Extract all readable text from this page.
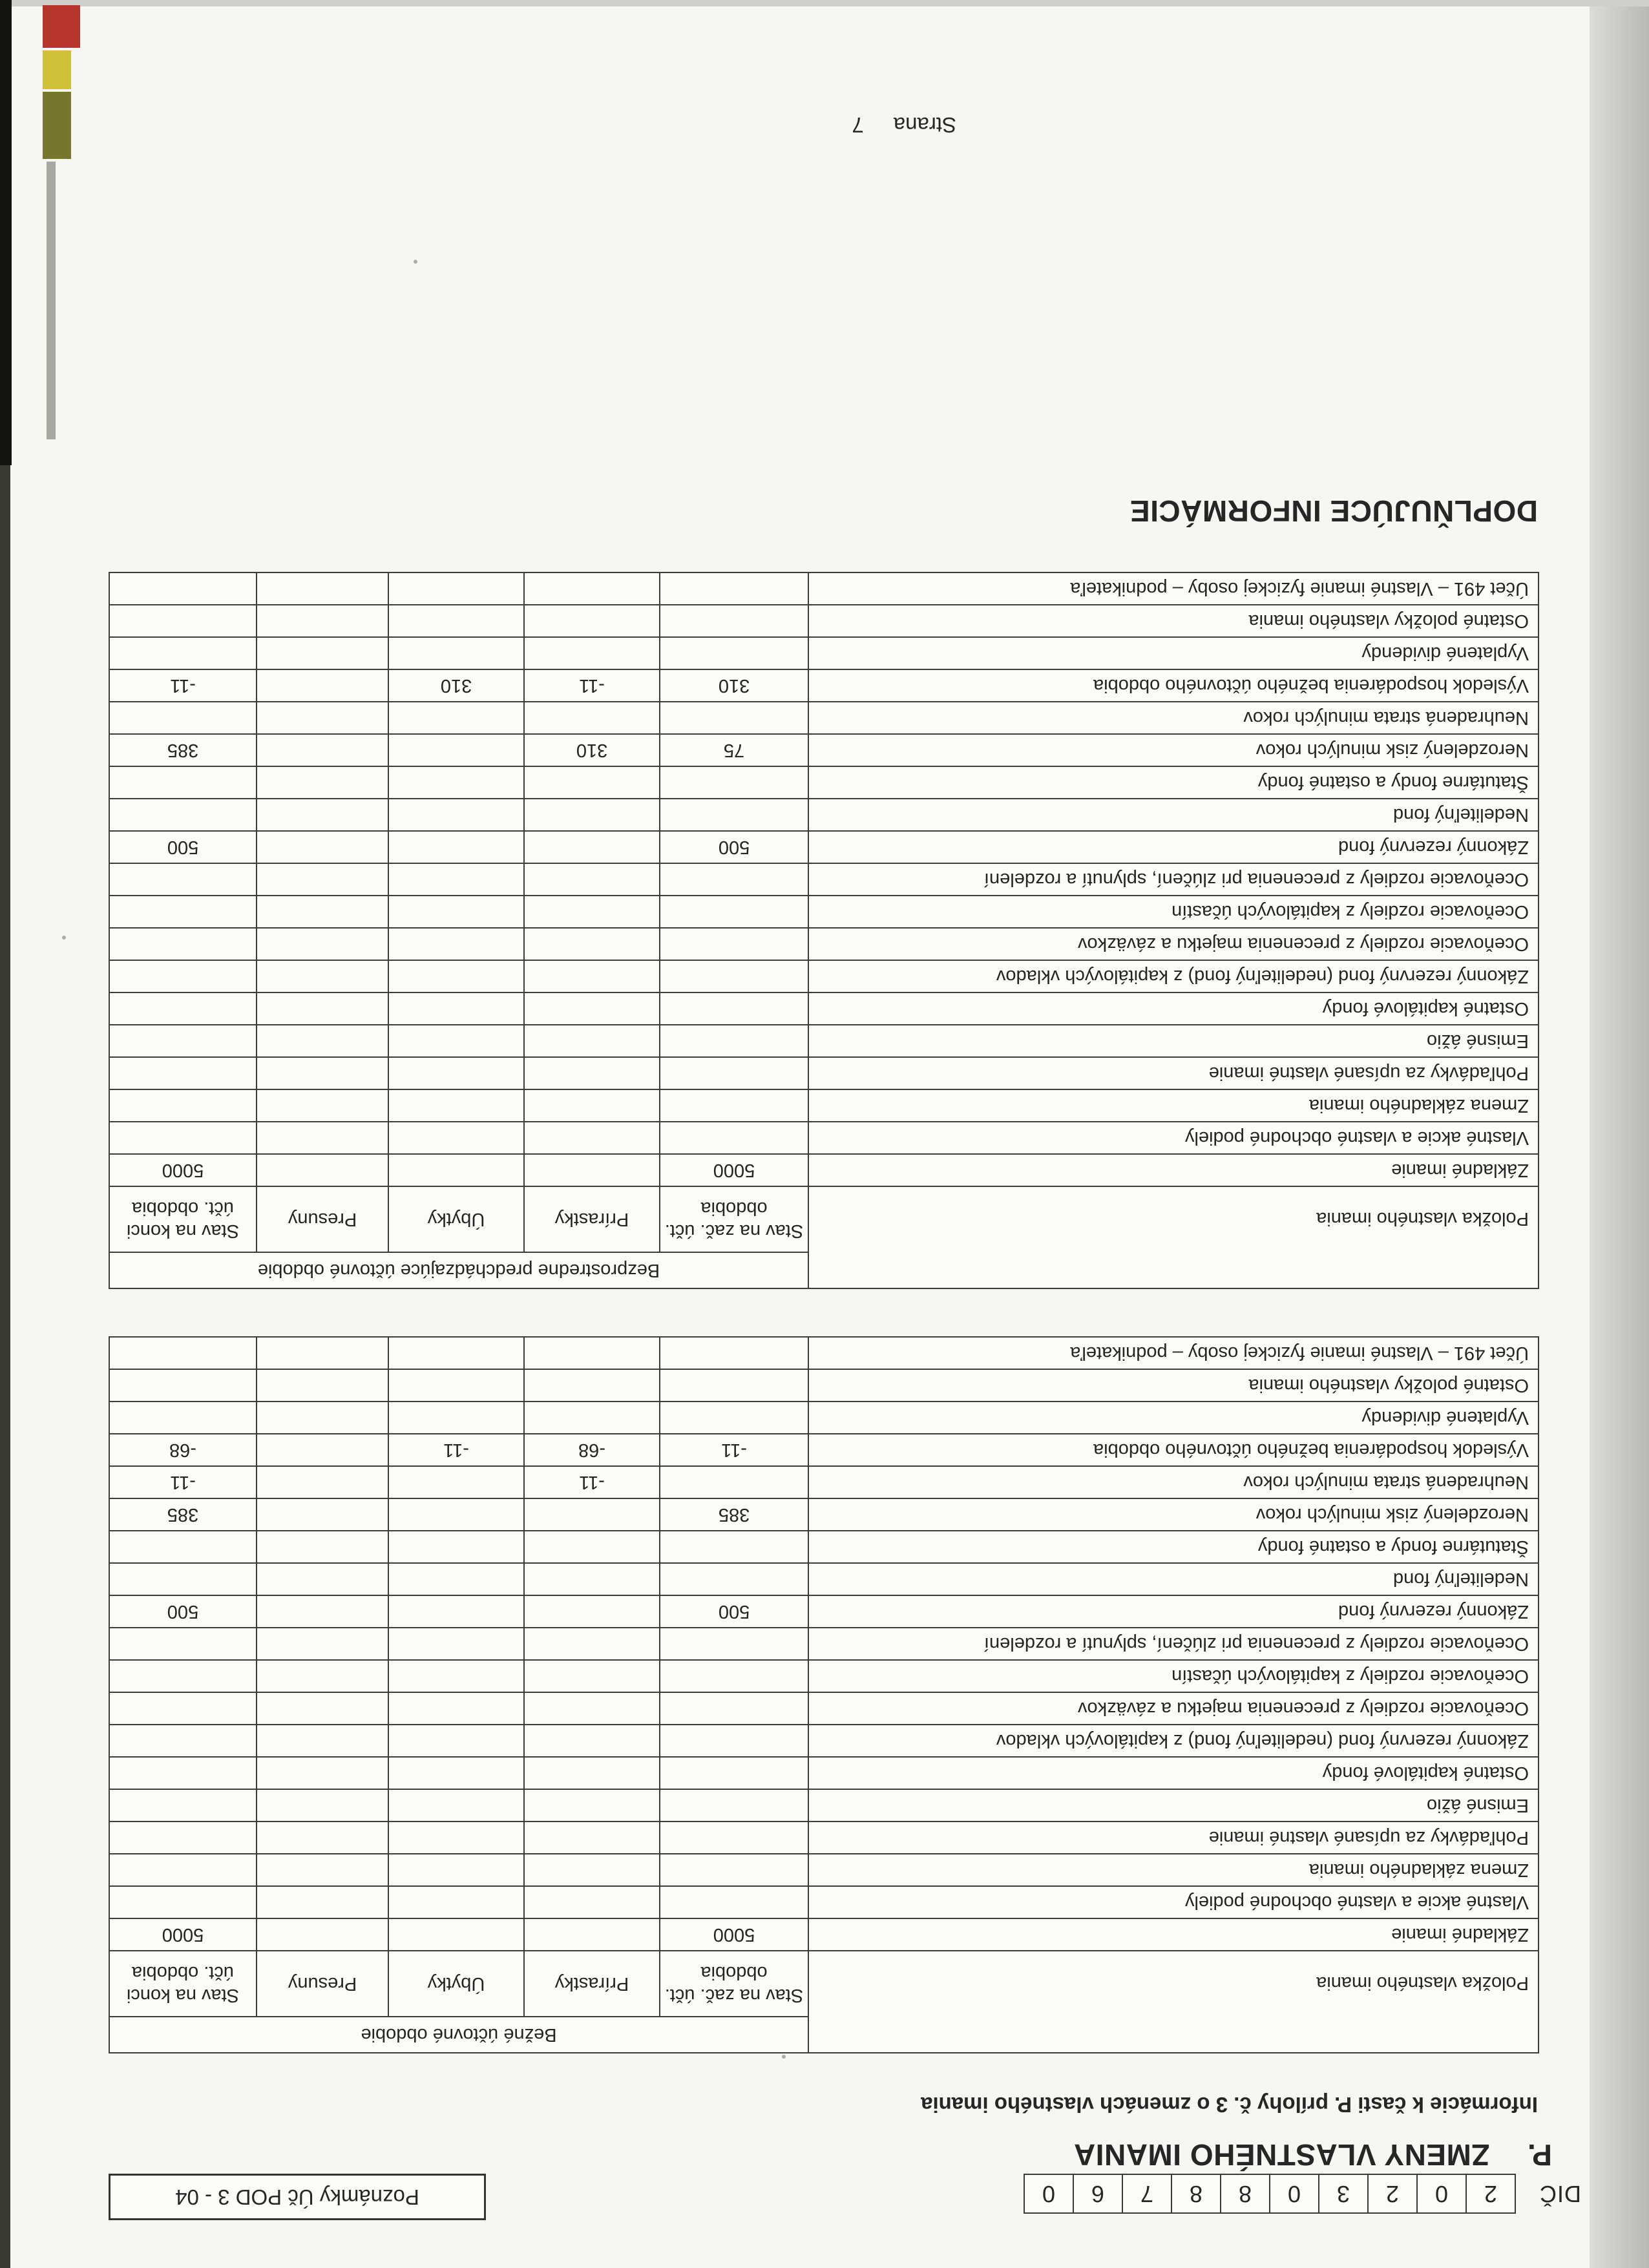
DIČ
2
0
2
3
0
8
8
7
6
0
Poznámky Úč POD 3 - 04
P.
ZMENY VLASTNÉHO IMANIA
Informácie k časti P. prílohy č. 3 o zmenách vlastného imania
Položka vlastného imania	Bežné účtovné obdobie				
	Stav na zač. účt. obdobia	Prírastky	Úbytky	Presuny	Stav na konci účt. obdobia
Základné imanie	5000				5000
Vlastné akcie a vlastné obchodné podiely					
Zmena základného imania					
Pohľadávky za upísané vlastné imanie					
Emisné ážio					
Ostatné kapitálové fondy					
Zákonný rezervný fond (nedeliteľný fond) z kapitálových vkladov					
Oceňovacie rozdiely z precenenia majetku a záväzkov					
Oceňovacie rozdiely z kapitálových účastín					
Oceňovacie rozdiely z precenenia pri zlúčení, splynutí a rozdelení					
Zákonný rezervný fond	500				500
Nedeliteľný fond					
Štatutárne fondy a ostatné fondy					
Nerozdelený zisk minulých rokov	385				385
Neuhradená strata minulých rokov		-11			-11
Výsledok hospodárenia bežného účtovného obdobia	-11	-68	-11		-68
Vyplatené dividendy					
Ostatné položky vlastného imania					
Účet 491 – Vlastné imanie fyzickej osoby – podnikateľa					
Položka vlastného imania	Bezprostredne predchádzajúce účtovné obdobie				
	Stav na zač. účt. obdobia	Prírastky	Úbytky	Presuny	Stav na konci účt. obdobia
Základné imanie	5000				5000
Vlastné akcie a vlastné obchodné podiely					
Zmena základného imania					
Pohľadávky za upísané vlastné imanie					
Emisné ážio					
Ostatné kapitálové fondy					
Zákonný rezervný fond (nedeliteľný fond) z kapitálových vkladov					
Oceňovacie rozdiely z precenenia majetku a záväzkov					
Oceňovacie rozdiely z kapitálových účastín					
Oceňovacie rozdiely z precenenia pri zlúčení, splynutí a rozdelení					
Zákonný rezervný fond	500				500
Nedeliteľný fond					
Štatutárne fondy a ostatné fondy					
Nerozdelený zisk minulých rokov	75	310			385
Neuhradená strata minulých rokov					
Výsledok hospodárenia bežného účtovného obdobia	310	-11	310		-11
Vyplatené dividendy					
Ostatné položky vlastného imania					
Účet 491 – Vlastné imanie fyzickej osoby – podnikateľa					
DOPLŇUJÚCE INFORMÁCIE
Strana
7
